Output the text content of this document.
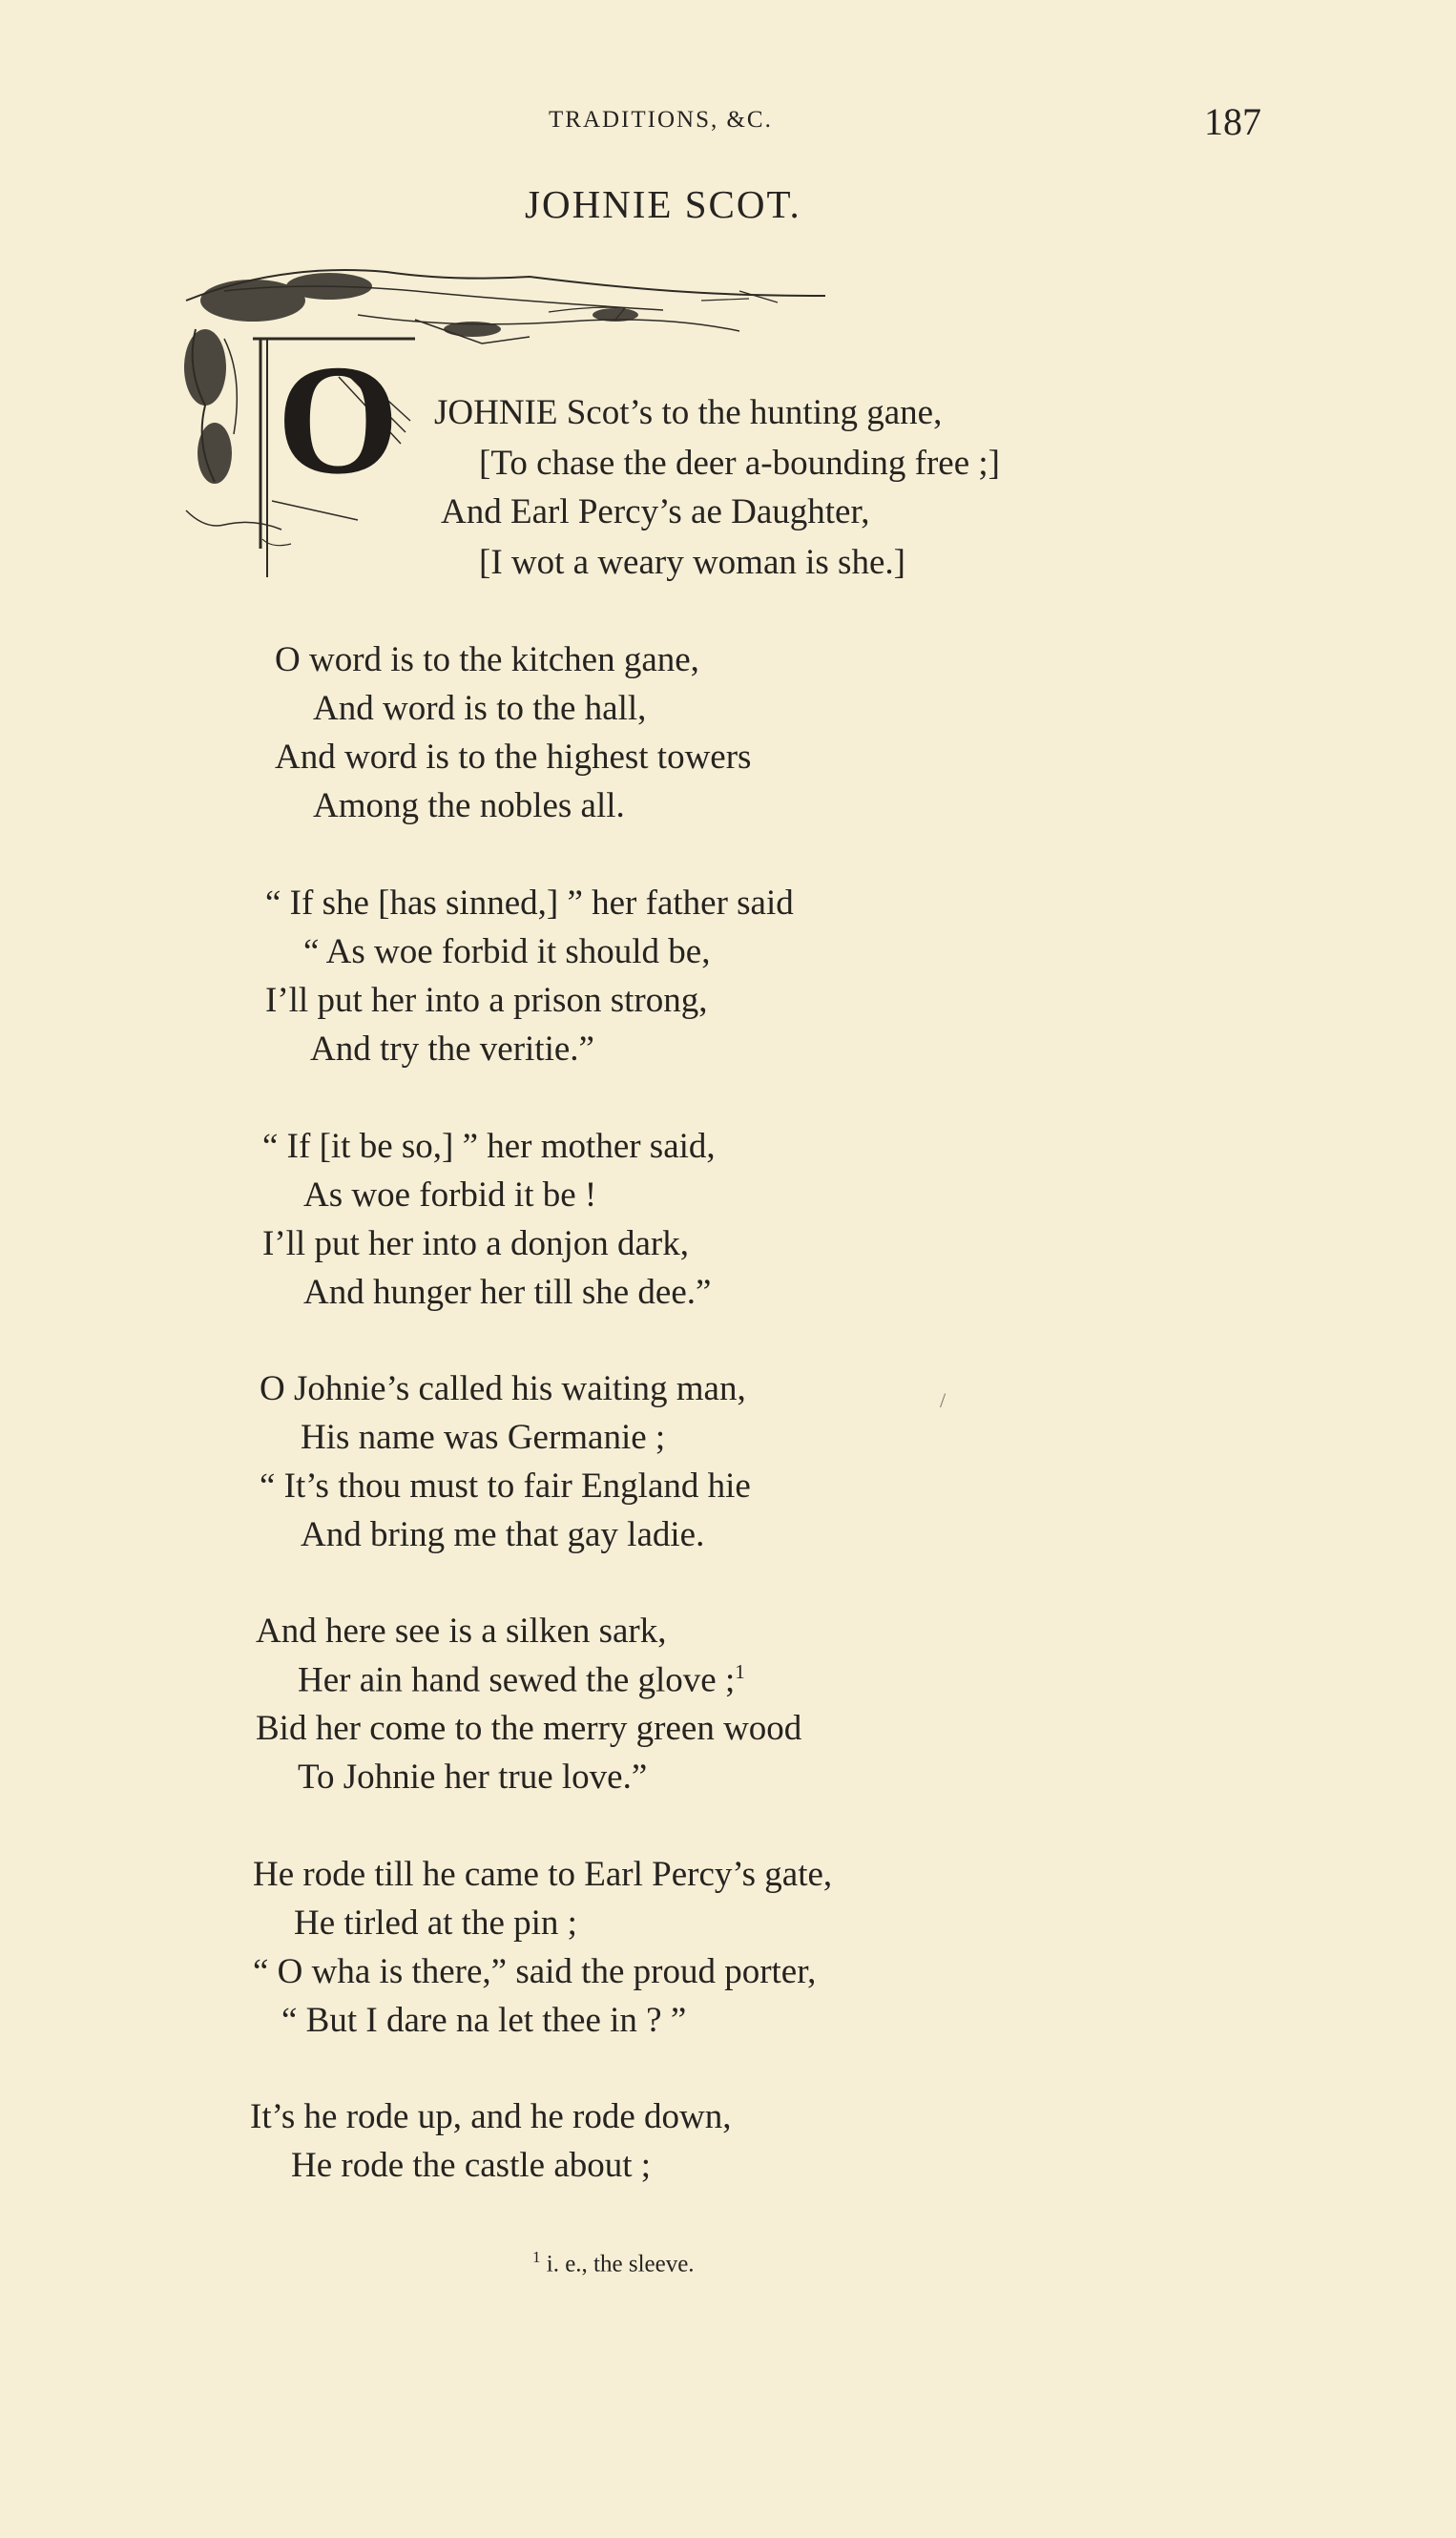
TRADITIONS, &C.	187
JOHNIE SCOT.
O JOHNIE Scot’s to the hunting gane,
[To chase the deer a-bounding free ;]
And Earl Percy’s ae Daughter,
[I wot a weary woman is she.]
O word is to the kitchen gane,
And word is to the hall,
And word is to the highest towers
Among the nobles all.
“ If she [has sinned,] ” her father said
“ As woe forbid it should be,
I’ll put her into a prison strong,
And try the veritie.”
“ If [it be so,] ” her mother said,
As woe forbid it be !
I’ll put her into a donjon dark,
And hunger her till she dee.”
O Johnie’s called his waiting man,
His name was Germanie ;
“ It’s thou must to fair England hie
And bring me that gay ladie.
And here see is a silken sark,
Her ain hand sewed the glove ;$^1$
Bid her come to the merry green wood
To Johnie her true love.”
He rode till he came to Earl Percy’s gate,
He tirled at the pin ;
“ O wha is there,” said the proud porter,
“ But I dare na let thee in ? ”
It’s he rode up, and he rode down,
He rode the castle about ;
$^1$ i. e., the sleeve.
/
